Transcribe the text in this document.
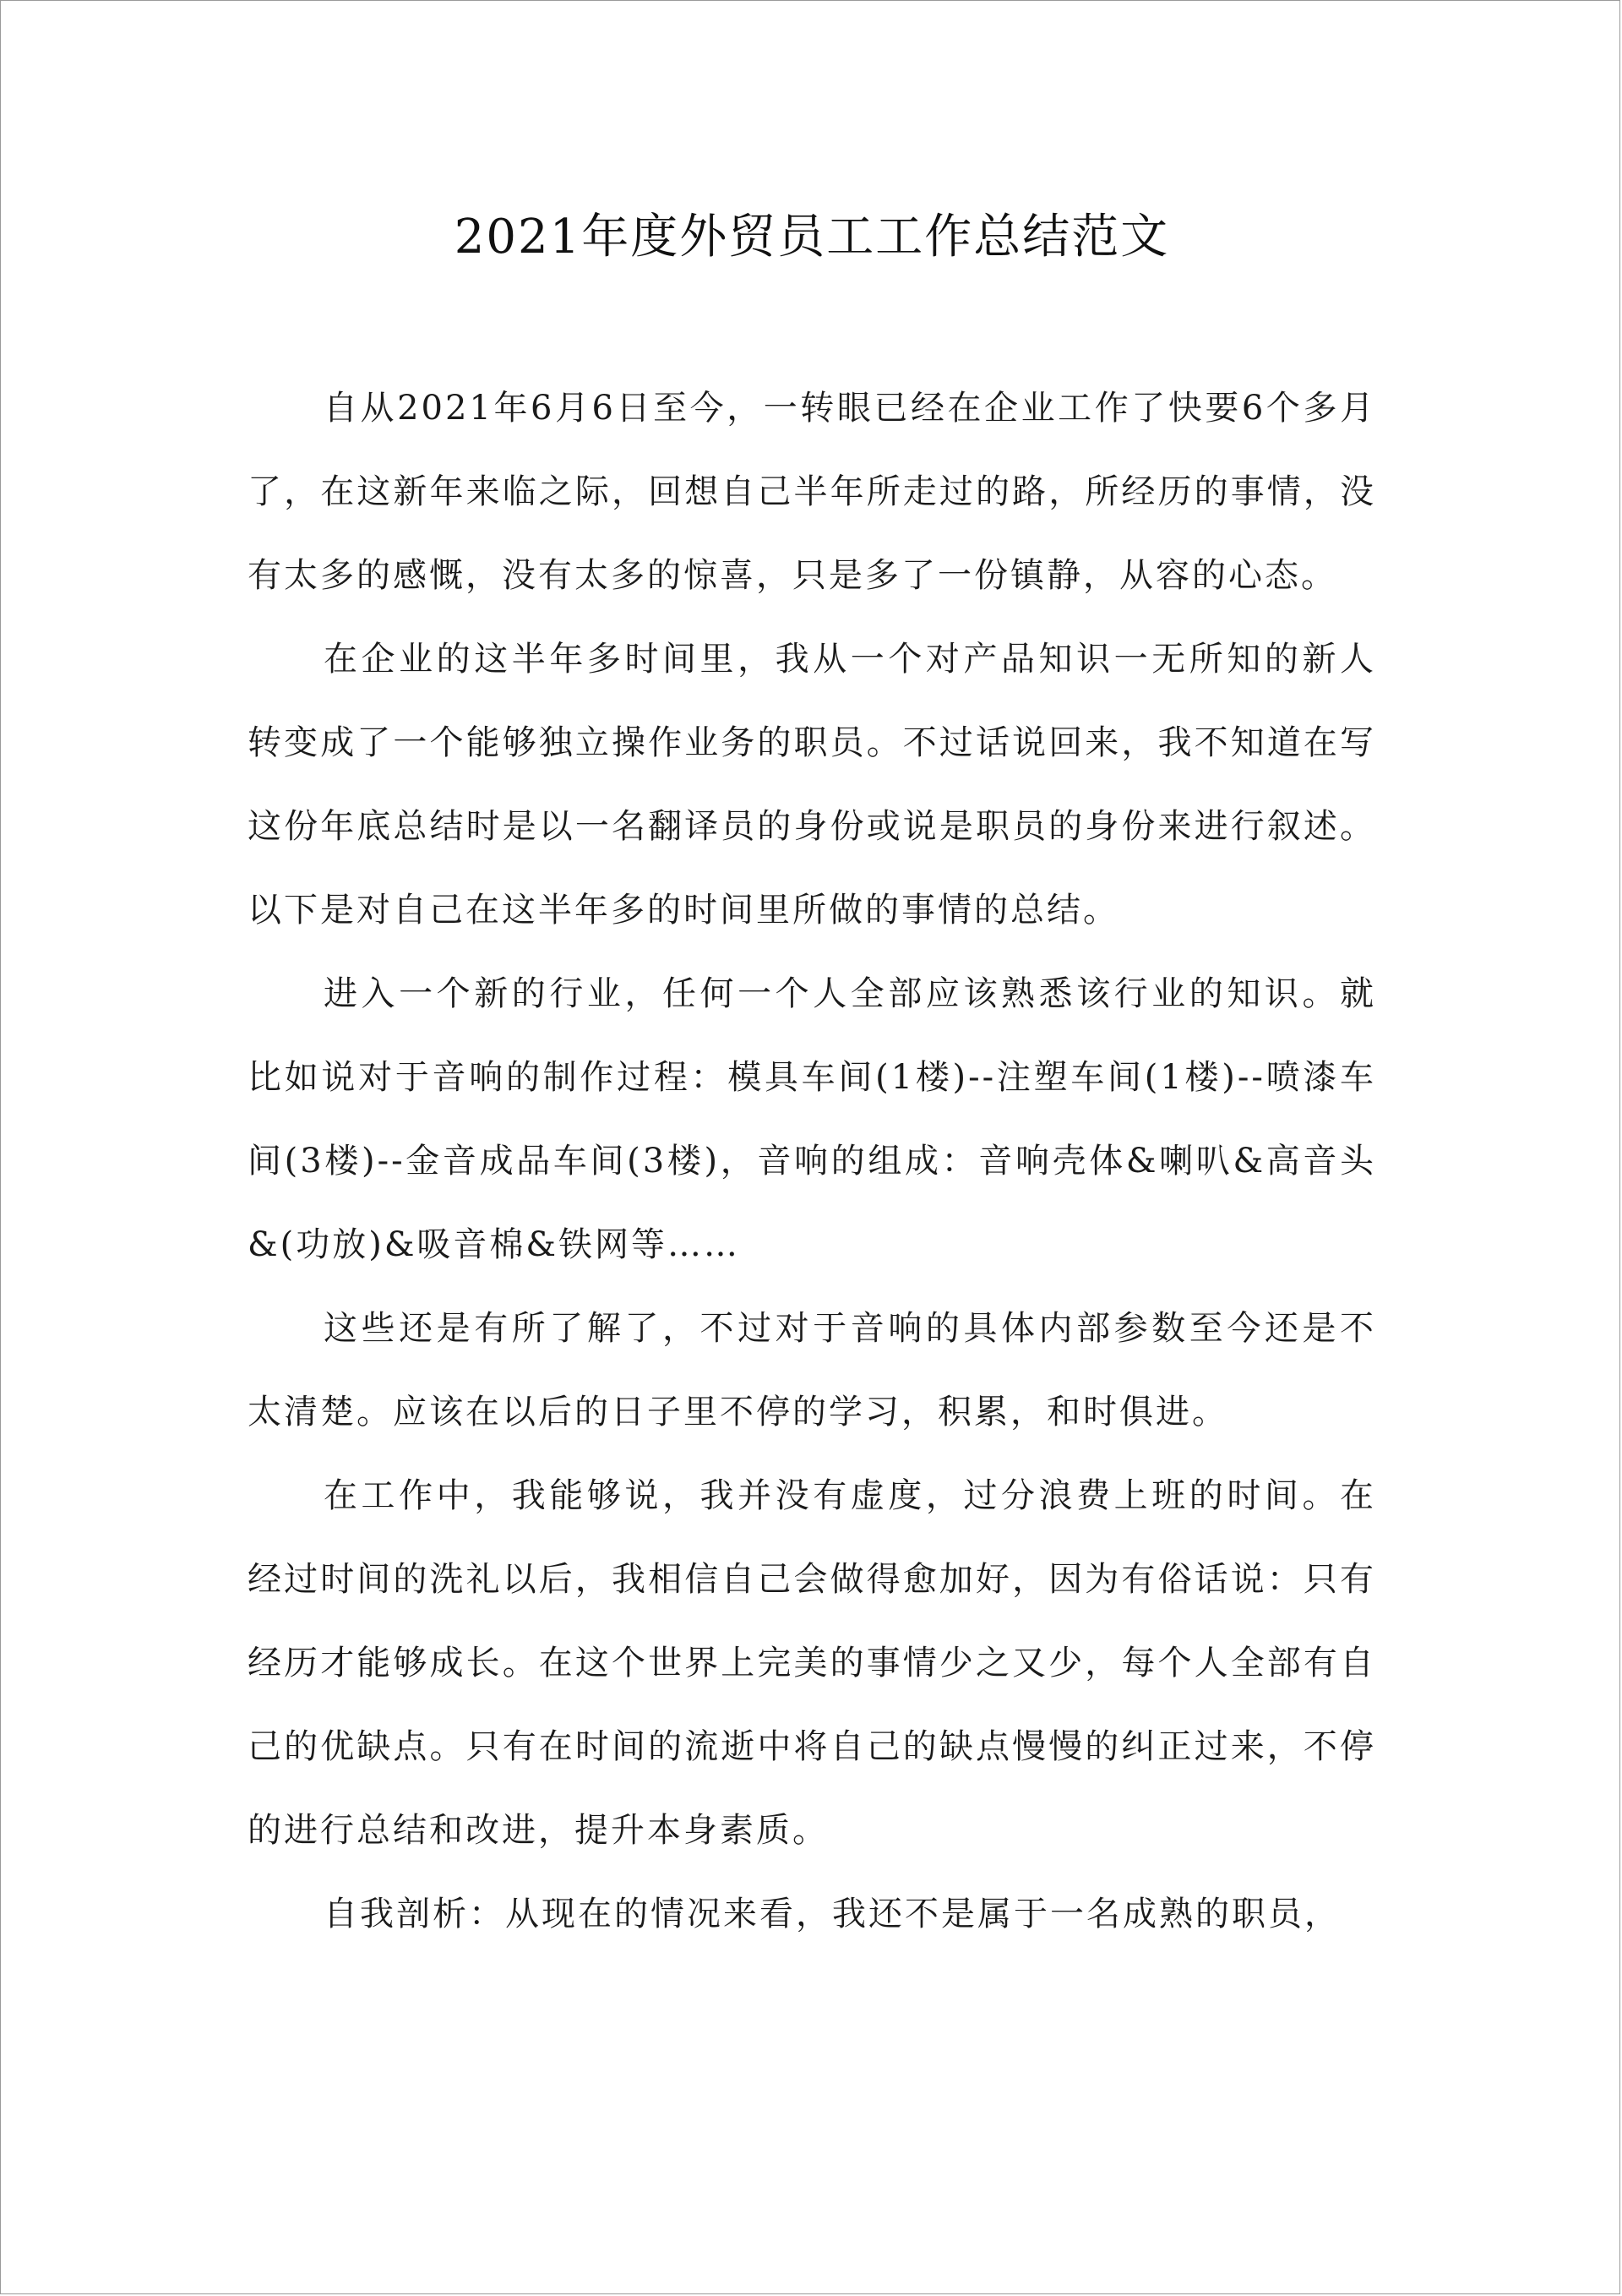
2021年度外贸员工工作总结范文

自从2021年6月6日至今，一转眼已经在企业工作了快要6个多月了，在这新年来临之际，回想自己半年所走过的路，所经历的事情，没有太多的感慨，没有太多的惊喜，只是多了一份镇静，从容的心态。

在企业的这半年多时间里，我从一个对产品知识一无所知的新人转变成了一个能够独立操作业务的职员。不过话说回来，我不知道在写这份年底总结时是以一名翻译员的身份或说是职员的身份来进行叙述。以下是对自己在这半年多的时间里所做的事情的总结。

进入一个新的行业，任何一个人全部应该熟悉该行业的知识。就比如说对于音响的制作过程：模具车间(1楼)--注塑车间(1楼)--喷漆车间(3楼)--金音成品车间(3楼)，音响的组成：音响壳体&喇叭&高音头&(功放)&吸音棉&铁网等……

这些还是有所了解了，不过对于音响的具体内部参数至今还是不太清楚。应该在以后的日子里不停的学习，积累，和时俱进。

在工作中，我能够说，我并没有虚度，过分浪费上班的时间。在经过时间的洗礼以后，我相信自己会做得愈加好，因为有俗话说：只有经历才能够成长。在这个世界上完美的事情少之又少，每个人全部有自己的优缺点。只有在时间的流逝中将自己的缺点慢慢的纠正过来，不停的进行总结和改进，提升本身素质。

自我剖析：从现在的情况来看，我还不是属于一名成熟的职员，
